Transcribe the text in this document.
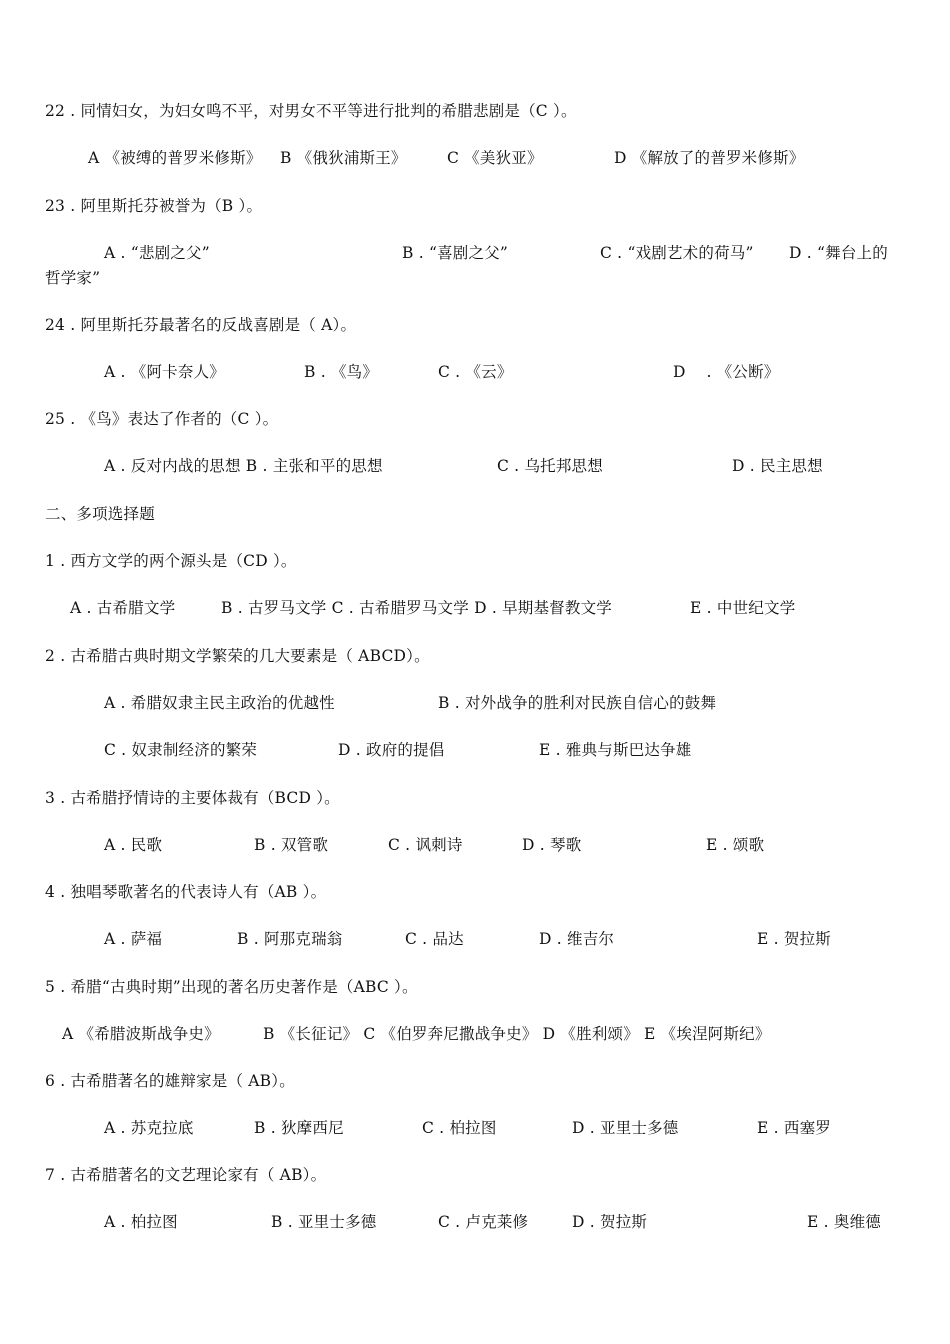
22 . 同情妇女，为妇女鸣不平，对男女不平等进行批判的希腊悲剧是（C ）。
A 《被缚的普罗米修斯》 B 《俄狄浦斯王》	C 《美狄亚》	D 《解放了的普罗米修斯》
23 . 阿里斯托芬被誉为（B ）。
A . “悲剧之父”	B . “喜剧之父”	C . “戏剧艺术的荷马” D . “舞台上的
哲学家”
24 . 阿里斯托芬最著名的反战喜剧是（ A）。
A . 《阿卡奈人》	B . 《鸟》	C . 《云》	D 　. 《公断》
25 . 《鸟》表达了作者的（C ）。
A . 反对内战的思想 B . 主张和平的思想	C . 乌托邦思想	D . 民主思想
二、多项选择题
1 . 西方文学的两个源头是（CD ）。
A . 古希腊文学	B . 古罗马文学 C . 古希腊罗马文学 D . 早期基督教文学	E . 中世纪文学
2 . 古希腊古典时期文学繁荣的几大要素是（ ABCD）。
A . 希腊奴隶主民主政治的优越性	B . 对外战争的胜利对民族自信心的鼓舞
C . 奴隶制经济的繁荣	D . 政府的提倡	E . 雅典与斯巴达争雄
3 . 古希腊抒情诗的主要体裁有（BCD ）。
A . 民歌	B . 双管歌	C . 讽刺诗	D . 琴歌	E . 颂歌
4 . 独唱琴歌著名的代表诗人有（AB ）。
A . 萨福	B . 阿那克瑞翁	C . 品达	D . 维吉尔	E . 贺拉斯
5 . 希腊“古典时期”出现的著名历史著作是（ABC ）。
A 《希腊波斯战争史》	B 《长征记》 C 《伯罗奔尼撒战争史》 D 《胜利颂》 E 《埃涅阿斯纪》
6 . 古希腊著名的雄辩家是（ AB）。
A . 苏克拉底	B . 狄摩西尼	C . 柏拉图	D . 亚里士多德	E . 西塞罗
7 . 古希腊著名的文艺理论家有（ AB）。
A . 柏拉图	B . 亚里士多德	C . 卢克莱修	D . 贺拉斯	E . 奥维德
